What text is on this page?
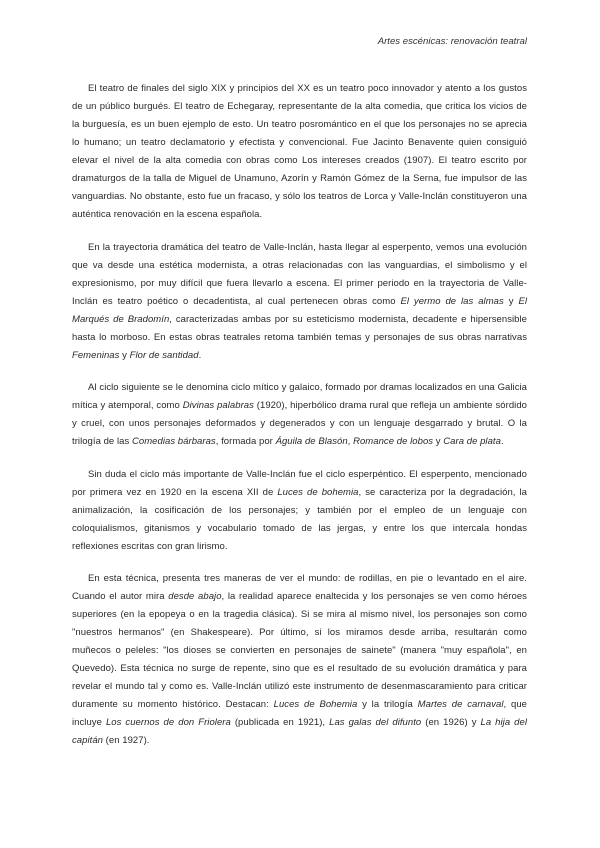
Artes escénicas: renovación teatral

El teatro de finales del siglo XIX y principios del XX es un teatro poco innovador y atento a los gustos de un público burgués. El teatro de Echegaray, representante de la alta comedia, que critica los vicios de la burguesía, es un buen ejemplo de esto. Un teatro posromántico en el que los personajes no se aprecia lo humano; un teatro declamatorio y efectista y convencional. Fue Jacinto Benavente quien consiguió elevar el nivel de la alta comedia con obras como Los intereses creados (1907). El teatro escrito por dramaturgos de la talla de Miguel de Unamuno, Azorín y Ramón Gómez de la Serna, fue impulsor de las vanguardias. No obstante, esto fue un fracaso, y sólo los teatros de Lorca y Valle-Inclán constituyeron una auténtica renovación en la escena española.

En la trayectoria dramática del teatro de Valle-Inclán, hasta llegar al esperpento, vemos una evolución que va desde una estética modernista, a otras relacionadas con las vanguardias, el simbolismo y el expresionismo, por muy difícil que fuera llevarlo a escena. El primer periodo en la trayectoria de Valle-Inclán es teatro poético o decadentista, al cual pertenecen obras como El yermo de las almas y El Marqués de Bradomín, caracterizadas ambas por su esteticismo modernista, decadente e hipersensible hasta lo morboso. En estas obras teatrales retoma también temas y personajes de sus obras narrativas Femeninas y Flor de santidad.

Al ciclo siguiente se le denomina ciclo mítico y galaico, formado por dramas localizados en una Galicia mítica y atemporal, como Divinas palabras (1920), hiperbólico drama rural que refleja un ambiente sórdido y cruel, con unos personajes deformados y degenerados y con un lenguaje desgarrado y brutal. O la trilogía de las Comedias bárbaras, formada por Águila de Blasón, Romance de lobos y Cara de plata.

Sin duda el ciclo más importante de Valle-Inclán fue el ciclo esperpéntico. El esperpento, mencionado por primera vez en 1920 en la escena XII de Luces de bohemia, se caracteriza por la degradación, la animalización, la cosificación de los personajes; y también por el empleo de un lenguaje con coloquialismos, gitanismos y vocabulario tomado de las jergas, y entre los que intercala hondas reflexiones escritas con gran lirismo.

En esta técnica, presenta tres maneras de ver el mundo: de rodillas, en pie o levantado en el aire. Cuando el autor mira desde abajo, la realidad aparece enaltecida y los personajes se ven como héroes superiores (en la epopeya o en la tragedia clásica). Si se mira al mismo nivel, los personajes son como "nuestros hermanos" (en Shakespeare). Por último, si los miramos desde arriba, resultarán como muñecos o peleles: "los dioses se convierten en personajes de sainete" (manera "muy española", en Quevedo). Esta técnica no surge de repente, sino que es el resultado de su evolución dramática y para revelar el mundo tal y como es. Valle-Inclán utilizó este instrumento de desenmascaramiento para criticar duramente su momento histórico. Destacan: Luces de Bohemia y la trilogía Martes de carnaval, que incluye Los cuernos de don Friolera (publicada en 1921), Las galas del difunto (en 1926) y La hija del capitán (en 1927).
